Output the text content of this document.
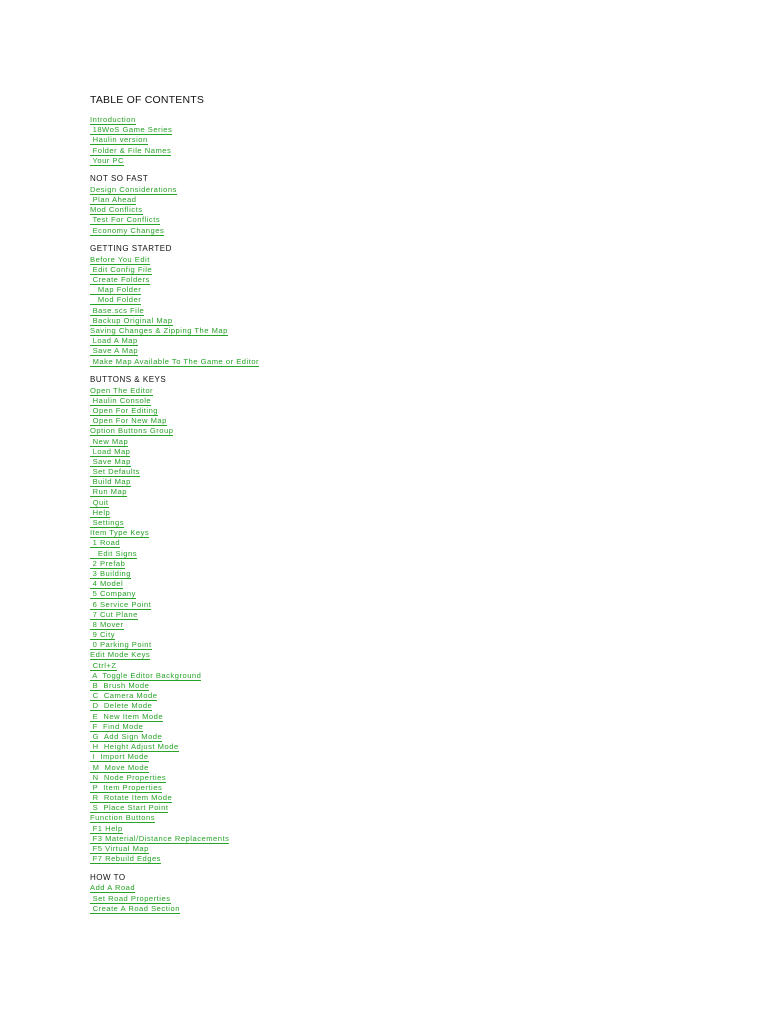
TABLE OF CONTENTS
Introduction
18WoS Game Series
Haulin version
Folder & File Names
Your PC
NOT SO FAST
Design Considerations
Plan Ahead
Mod Conflicts
Test For Conflicts
Economy Changes
GETTING STARTED
Before You Edit
Edit Config File
Create Folders
Map Folder
Mod Folder
Base.scs File
Backup Original Map
Saving Changes & Zipping The Map
Load A Map
Save A Map
Make Map Available To The Game or Editor
BUTTONS & KEYS
Open The Editor
Haulin Console
Open For Editing
Open For New Map
Option Buttons Group
New Map
Load Map
Save Map
Set Defaults
Build Map
Run Map
Quit
Help
Settings
Item Type Keys
1 Road
Edit Signs
2 Prefab
3 Building
4 Model
5 Company
6 Service Point
7 Cut Plane
8 Mover
9 City
0 Parking Point
Edit Mode Keys
Ctrl+Z
A  Toggle Editor Background
B  Brush Mode
C  Camera Mode
D  Delete Mode
E  New Item Mode
F  Find Mode
G  Add Sign Mode
H  Height Adjust Mode
I  Import Mode
M  Move Mode
N  Node Properties
P  Item Properties
R  Rotate Item Mode
S  Place Start Point
Function Buttons
F1 Help
F3 Material/Distance Replacements
F5 Virtual Map
F7 Rebuild Edges
HOW TO
Add A Road
Set Road Properties
Create A Road Section
